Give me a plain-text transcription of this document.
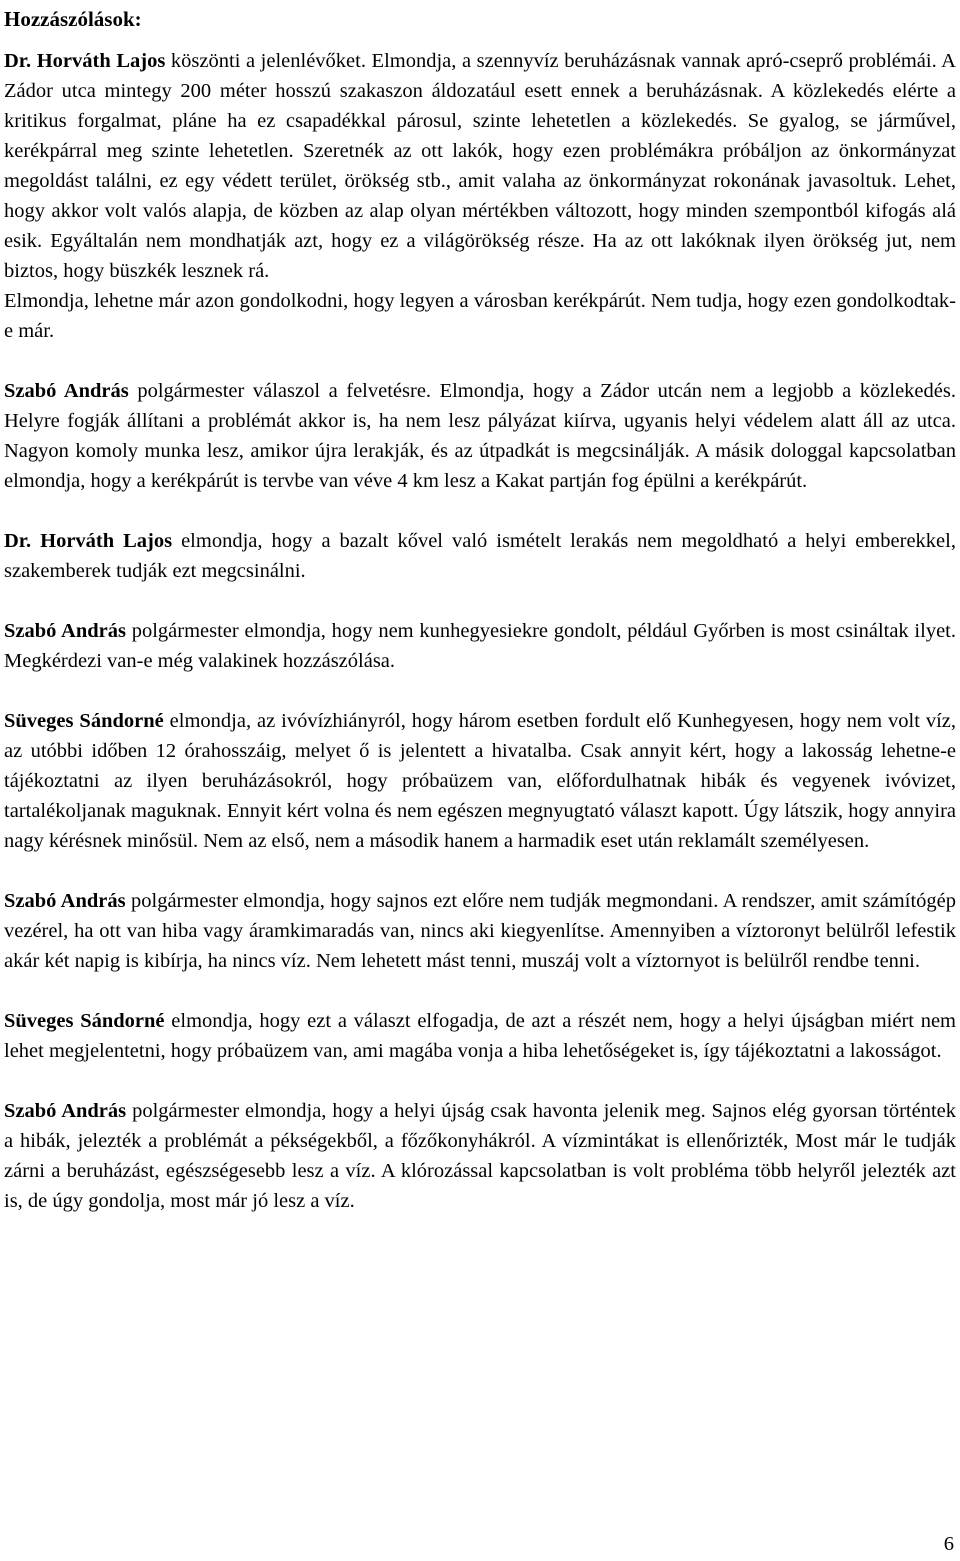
Hozzászólások:

Dr. Horváth Lajos köszönti a jelenlévőket. Elmondja, a szennyvíz beruházásnak vannak apró-cseprő problémái. A Zádor utca mintegy 200 méter hosszú szakaszon áldozatául esett ennek a beruházásnak. A közlekedés elérte a kritikus forgalmat, pláne ha ez csapadékkal párosul, szinte lehetetlen a közlekedés. Se gyalog, se járművel, kerékpárral meg szinte lehetetlen. Szeretnék az ott lakók, hogy ezen problémákra próbáljon az önkormányzat megoldást találni, ez egy védett terület, örökség stb., amit valaha az önkormányzat rokonának javasoltuk. Lehet, hogy akkor volt valós alapja, de közben az alap olyan mértékben változott, hogy minden szempontból kifogás alá esik. Egyáltalán nem mondhatják azt, hogy ez a világörökség része. Ha az ott lakóknak ilyen örökség jut, nem biztos, hogy büszkék lesznek rá.

Elmondja, lehetne már azon gondolkodni, hogy legyen a városban kerékpárút. Nem tudja, hogy ezen gondolkodtak-e már.

Szabó András polgármester válaszol a felvetésre. Elmondja, hogy a Zádor utcán nem a legjobb a közlekedés. Helyre fogják állítani a problémát akkor is, ha nem lesz pályázat kiírva, ugyanis helyi védelem alatt áll az utca. Nagyon komoly munka lesz, amikor újra lerakják, és az útpadkát is megcsinálják. A másik dologgal kapcsolatban elmondja, hogy a kerékpárút is tervbe van véve 4 km lesz a Kakat partján fog épülni a kerékpárút.

Dr. Horváth Lajos elmondja, hogy a bazalt kővel való ismételt lerakás nem megoldható a helyi emberekkel, szakemberek tudják ezt megcsinálni.

Szabó András polgármester elmondja, hogy nem kunhegyesiekre gondolt, például Győrben is most csináltak ilyet. Megkérdezi van-e még valakinek hozzászólása.

Süveges Sándorné elmondja, az ivóvízhiányról, hogy három esetben fordult elő Kunhegyesen, hogy nem volt víz, az utóbbi időben 12 órahosszáig, melyet ő is jelentett a hivatalba. Csak annyit kért, hogy a lakosság lehetne-e tájékoztatni az ilyen beruházásokról, hogy próbaüzem van, előfordulhatnak hibák és vegyenek ivóvizet, tartalékoljanak maguknak. Ennyit kért volna és nem egészen megnyugtató választ kapott. Úgy látszik, hogy annyira nagy kérésnek minősül. Nem az első, nem a második hanem a harmadik eset után reklamált személyesen.

Szabó András polgármester elmondja, hogy sajnos ezt előre nem tudják megmondani. A rendszer, amit számítógép vezérel, ha ott van hiba vagy áramkimaradás van, nincs aki kiegyenlítse. Amennyiben a víztoronyt belülről lefestik akár két napig is kibírja, ha nincs víz. Nem lehetett mást tenni, muszáj volt a víztornyot is belülről rendbe tenni.

Süveges Sándorné elmondja, hogy ezt a választ elfogadja, de azt a részét nem, hogy a helyi újságban miért nem lehet megjelentetni, hogy próbaüzem van, ami magába vonja a hiba lehetőségeket is, így tájékoztatni a lakosságot.

Szabó András polgármester elmondja, hogy a helyi újság csak havonta jelenik meg. Sajnos elég gyorsan történtek a hibák, jelezték a problémát a pékségekből, a főzőkonyhákról. A vízmintákat is ellenőrizték, Most már le tudják zárni a beruházást, egészségesebb lesz a víz. A klórozással kapcsolatban is volt probléma több helyről jelezték azt is, de úgy gondolja, most már jó lesz a víz.

6
